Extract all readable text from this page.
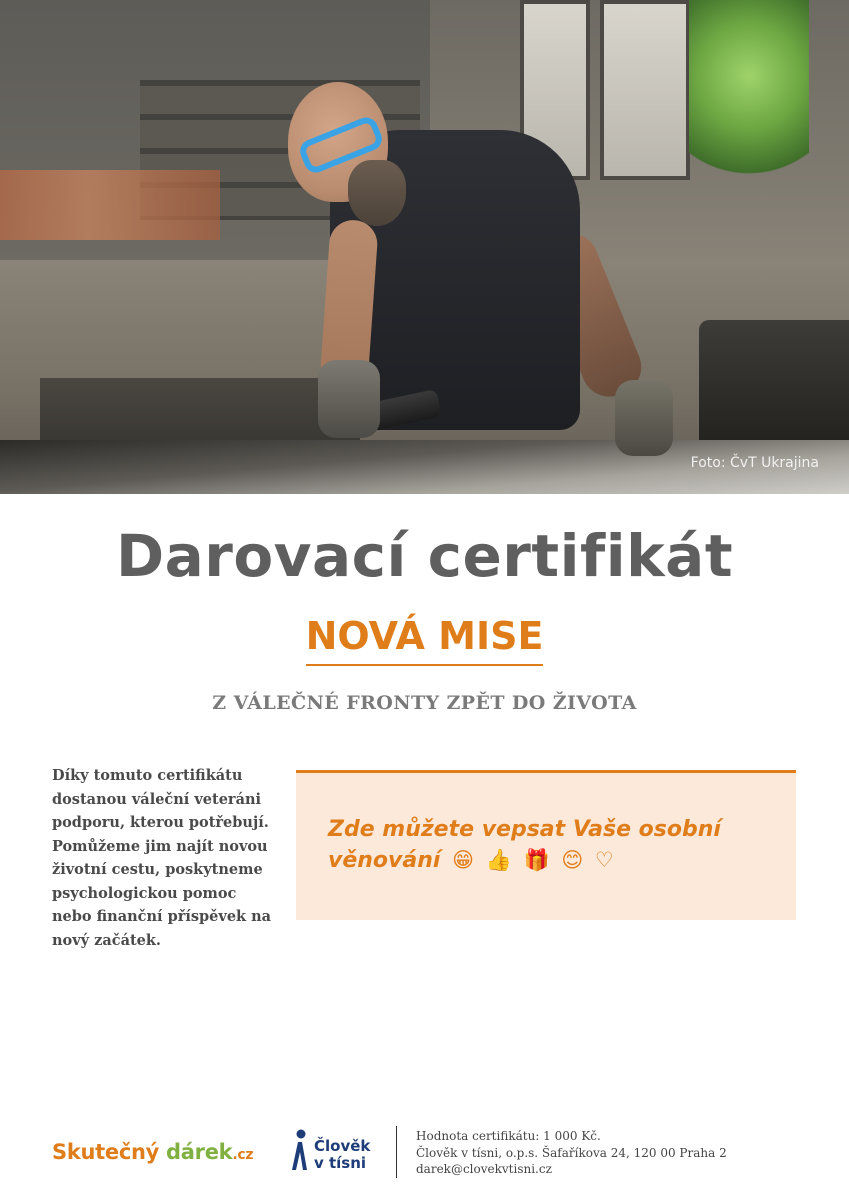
Foto: ČvT Ukrajina
Darovací certifikát
NOVÁ MISE
Z VÁLEČNÉ FRONTY ZPĚT DO ŽIVOTA

Díky tomuto certifikátu dostanou váleční veteráni podporu, kterou potřebují. Pomůžeme jim najít novou životní cestu, poskytneme psychologickou pomoc nebo finanční příspěvek na nový začátek.

Zde můžete vepsat Vaše osobní věnování 😁 👍 🎁 😊 ♡
Skutečný dárek.cz	Člověk
v tísni
Hodnota certifikátu: 1 000 Kč.
Člověk v tísni, o.p.s. Šafaříkova 24, 120 00 Praha 2
darek@clovekvtisni.cz
